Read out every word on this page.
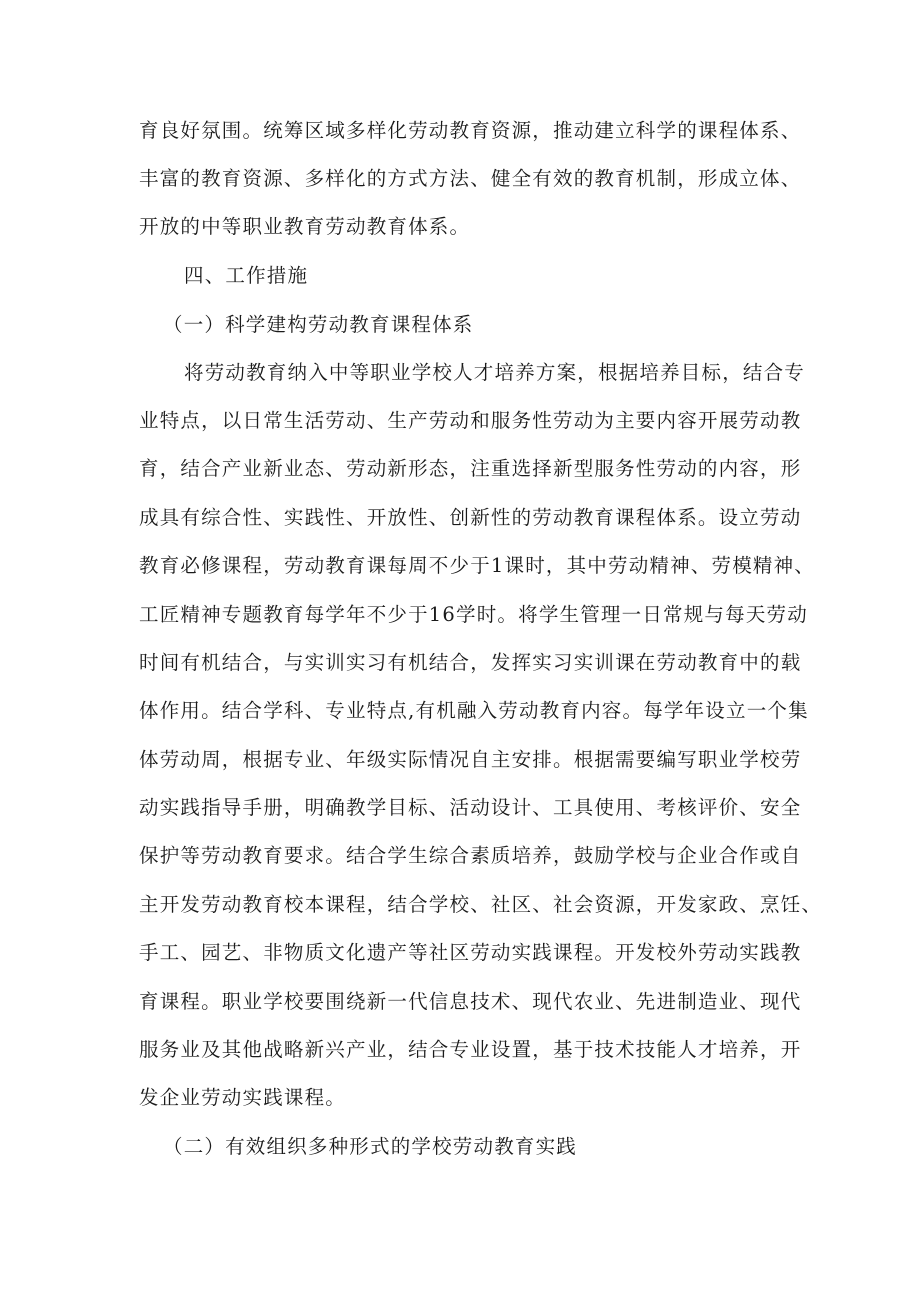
育良好氛围。统筹区域多样化劳动教育资源，推动建立科学的课程体系、
丰富的教育资源、多样化的方式方法、健全有效的教育机制，形成立体、
开放的中等职业教育劳动教育体系。
四、工作措施
（一）科学建构劳动教育课程体系
将劳动教育纳入中等职业学校人才培养方案，根据培养目标，结合专
业特点，以日常生活劳动、生产劳动和服务性劳动为主要内容开展劳动教
育，结合产业新业态、劳动新形态，注重选择新型服务性劳动的内容，形
成具有综合性、实践性、开放性、创新性的劳动教育课程体系。设立劳动
教育必修课程，劳动教育课每周不少于1课时，其中劳动精神、劳模精神、
工匠精神专题教育每学年不少于16学时。将学生管理一日常规与每天劳动
时间有机结合，与实训实习有机结合，发挥实习实训课在劳动教育中的载
体作用。结合学科、专业特点,有机融入劳动教育内容。每学年设立一个集
体劳动周，根据专业、年级实际情况自主安排。根据需要编写职业学校劳
动实践指导手册，明确教学目标、活动设计、工具使用、考核评价、安全
保护等劳动教育要求。结合学生综合素质培养，鼓励学校与企业合作或自
主开发劳动教育校本课程，结合学校、社区、社会资源，开发家政、烹饪、
手工、园艺、非物质文化遗产等社区劳动实践课程。开发校外劳动实践教
育课程。职业学校要围绕新一代信息技术、现代农业、先进制造业、现代
服务业及其他战略新兴产业，结合专业设置，基于技术技能人才培养，开
发企业劳动实践课程。
（二）有效组织多种形式的学校劳动教育实践
